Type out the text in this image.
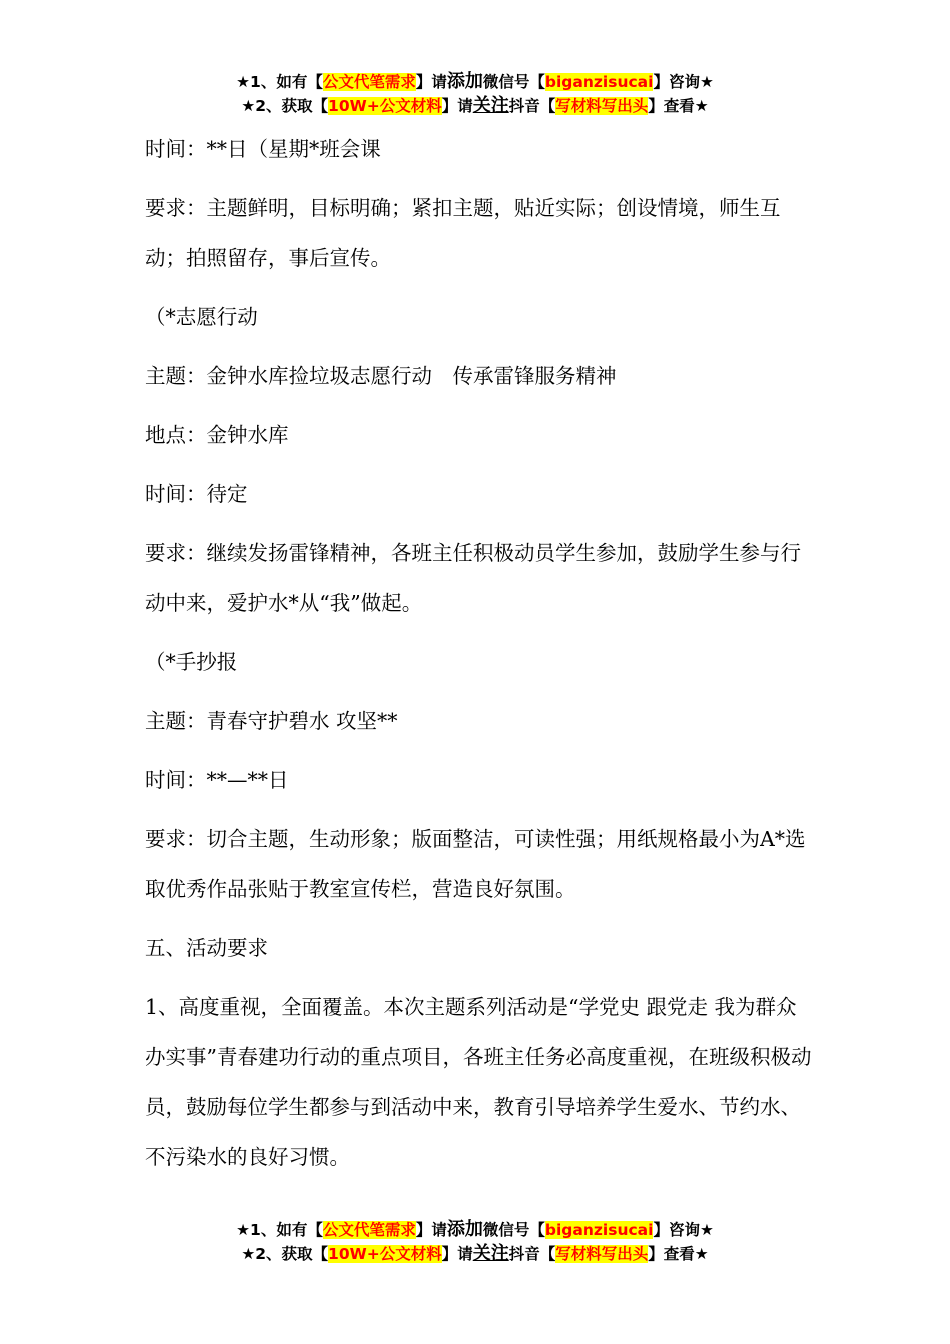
★1、如有【公文代笔需求】请添加微信号【biganzisucai】咨询★
★2、获取【10W+公文材料】请关注抖音【写材料写出头】查看★

时间：**日（星期*班会课

要求：主题鲜明，目标明确；紧扣主题，贴近实际；创设情境，师生互动；拍照留存，事后宣传。

（*志愿行动

主题：金钟水库捡垃圾志愿行动　传承雷锋服务精神

地点：金钟水库

时间：待定

要求：继续发扬雷锋精神，各班主任积极动员学生参加，鼓励学生参与行动中来，爱护水*从“我”做起。

（*手抄报

主题：青春守护碧水 攻坚**

时间：**—**日

要求：切合主题，生动形象；版面整洁，可读性强；用纸规格最小为A*选取优秀作品张贴于教室宣传栏，营造良好氛围。

五、活动要求

1、高度重视，全面覆盖。本次主题系列活动是“学党史 跟党走 我为群众办实事”青春建功行动的重点项目，各班主任务必高度重视，在班级积极动员，鼓励每位学生都参与到活动中来，教育引导培养学生爱水、节约水、不污染水的良好习惯。

★1、如有【公文代笔需求】请添加微信号【biganzisucai】咨询★
★2、获取【10W+公文材料】请关注抖音【写材料写出头】查看★
